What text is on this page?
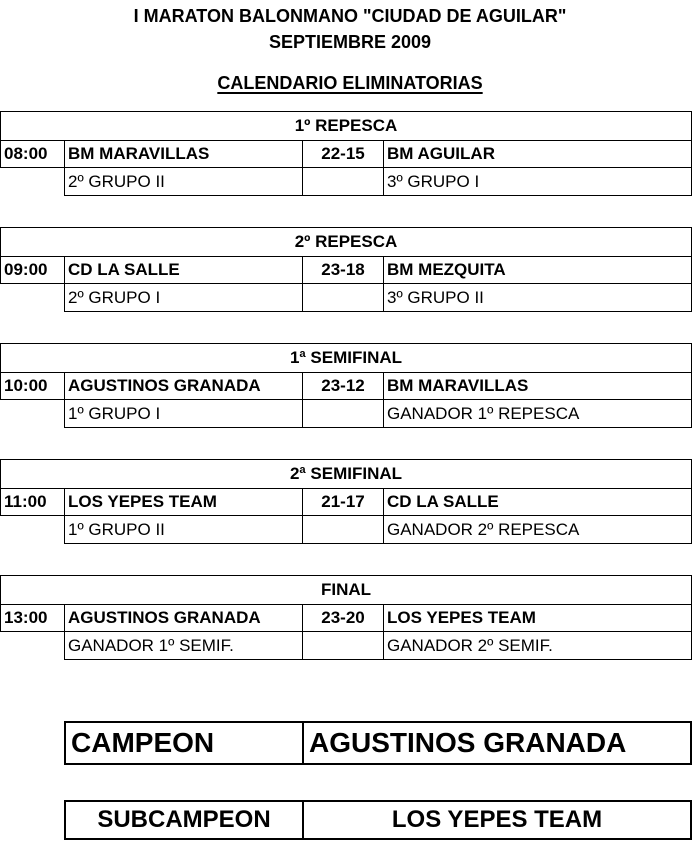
I MARATON BALONMANO "CIUDAD DE AGUILAR"
SEPTIEMBRE 2009
CALENDARIO ELIMINATORIAS
1º REPESCA			
08:00	BM MARAVILLAS	22-15	BM AGUILAR
	2º GRUPO II		3º GRUPO I
2º REPESCA			
09:00	CD LA SALLE	23-18	BM MEZQUITA
	2º GRUPO I		3º GRUPO II
1ª SEMIFINAL			
10:00	AGUSTINOS GRANADA	23-12	BM MARAVILLAS
	1º GRUPO I		GANADOR 1º REPESCA
2ª SEMIFINAL			
11:00	LOS YEPES TEAM	21-17	CD LA SALLE
	1º GRUPO II		GANADOR 2º REPESCA
FINAL			
13:00	AGUSTINOS GRANADA	23-20	LOS YEPES TEAM
	GANADOR 1º SEMIF.		GANADOR 2º SEMIF.
CAMPEON	AGUSTINOS GRANADA
SUBCAMPEON	LOS YEPES TEAM
